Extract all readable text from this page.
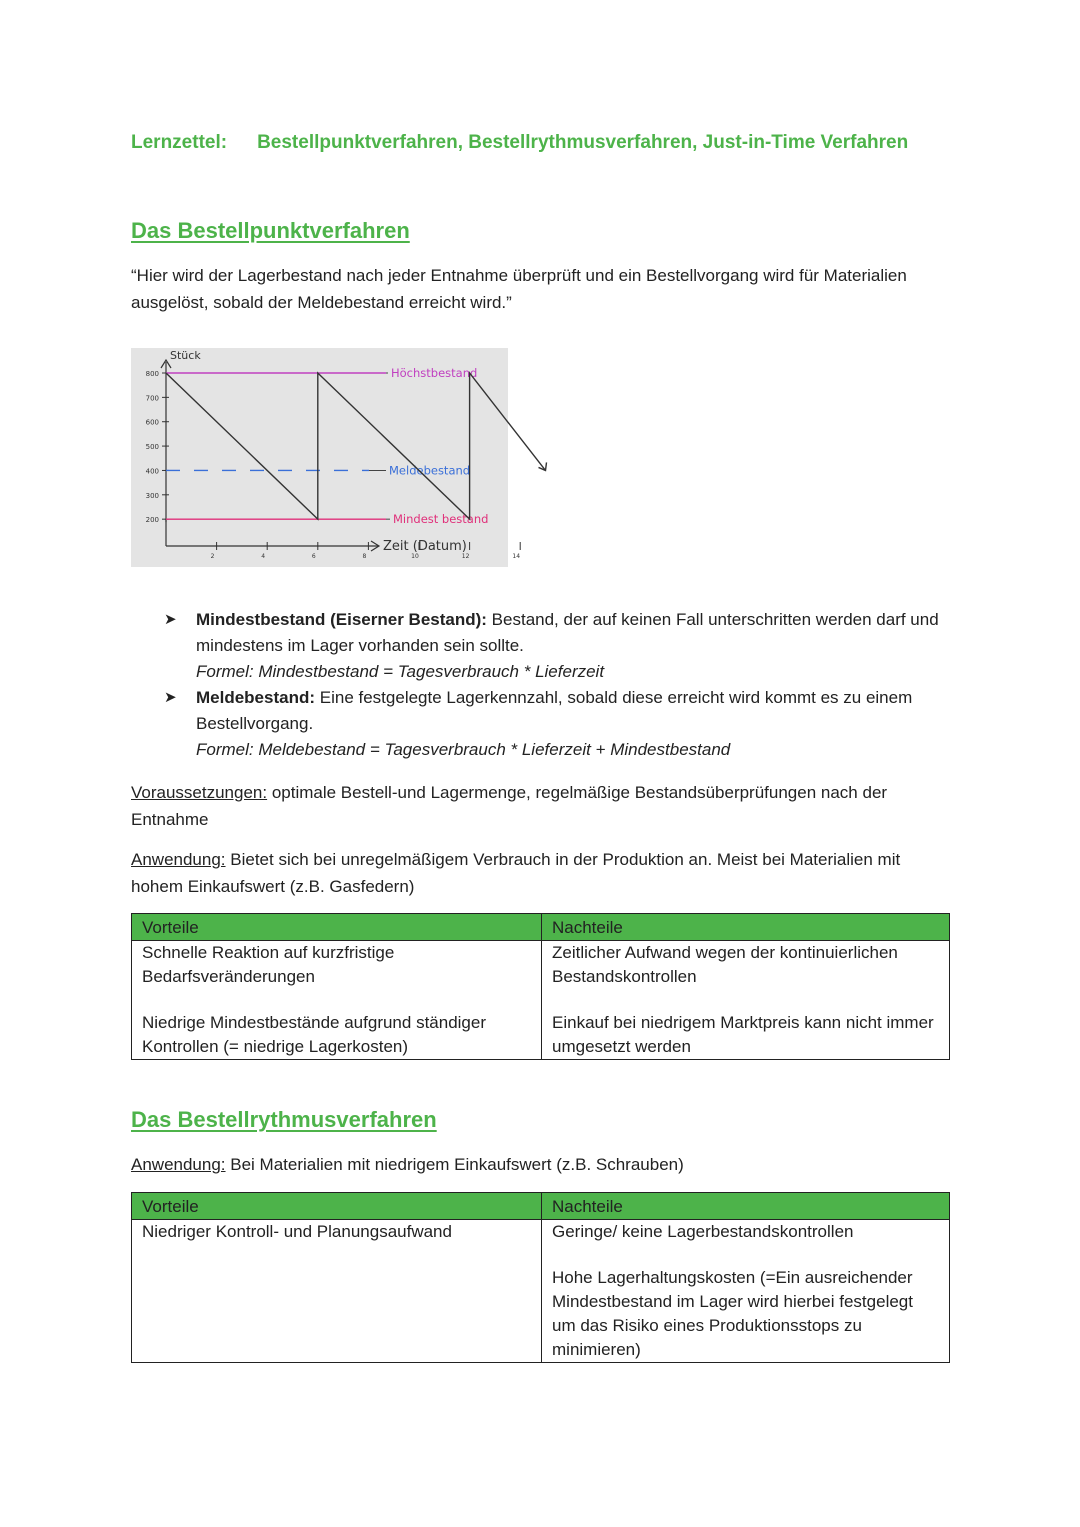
Lernzettel: Bestellpunktverfahren, Bestellrythmusverfahren, Just-in-Time Verfahren
Das Bestellpunktverfahren
“Hier wird der Lagerbestand nach jeder Entnahme überprüft und ein Bestellvorgang wird für Materialien ausgelöst, sobald der Meldebestand erreicht wird.”
200
300
400
500
600
700
800
2	4	6	8	10	12	14
Stück
Zeit (Datum)
Höchstbestand
Meldebestand
Mindest bestand
➤ Mindestbestand (Eiserner Bestand): Bestand, der auf keinen Fall unterschritten werden darf und mindestens im Lager vorhanden sein sollte.
Formel: Mindestbestand = Tagesverbrauch * Lieferzeit
➤ Meldebestand: Eine festgelegte Lagerkennzahl, sobald diese erreicht wird kommt es zu einem Bestellvorgang.
Formel: Meldebestand = Tagesverbrauch * Lieferzeit + Mindestbestand
Voraussetzungen: optimale Bestell-und Lagermenge, regelmäßige Bestandsüberprüfungen nach der Entnahme
Anwendung: Bietet sich bei unregelmäßigem Verbrauch in der Produktion an. Meist bei Materialien mit hohem Einkaufswert (z.B. Gasfedern)
Vorteile	Nachteile
Schnelle Reaktion auf kurzfristige Bedarfsveränderungen	Zeitlicher Aufwand wegen der kontinuierlichen Bestandskontrollen

Niedrige Mindestbestände aufgrund ständiger Kontrollen (= niedrige Lagerkosten)	Einkauf bei niedrigem Marktpreis kann nicht immer umgesetzt werden
Das Bestellrythmusverfahren
Anwendung: Bei Materialien mit niedrigem Einkaufswert (z.B. Schrauben)
Vorteile	Nachteile
Niedriger Kontroll- und Planungsaufwand	Geringe/ keine Lagerbestandskontrollen

	Hohe Lagerhaltungskosten (=Ein ausreichender Mindestbestand im Lager wird hierbei festgelegt um das Risiko eines Produktionsstops zu minimieren)
